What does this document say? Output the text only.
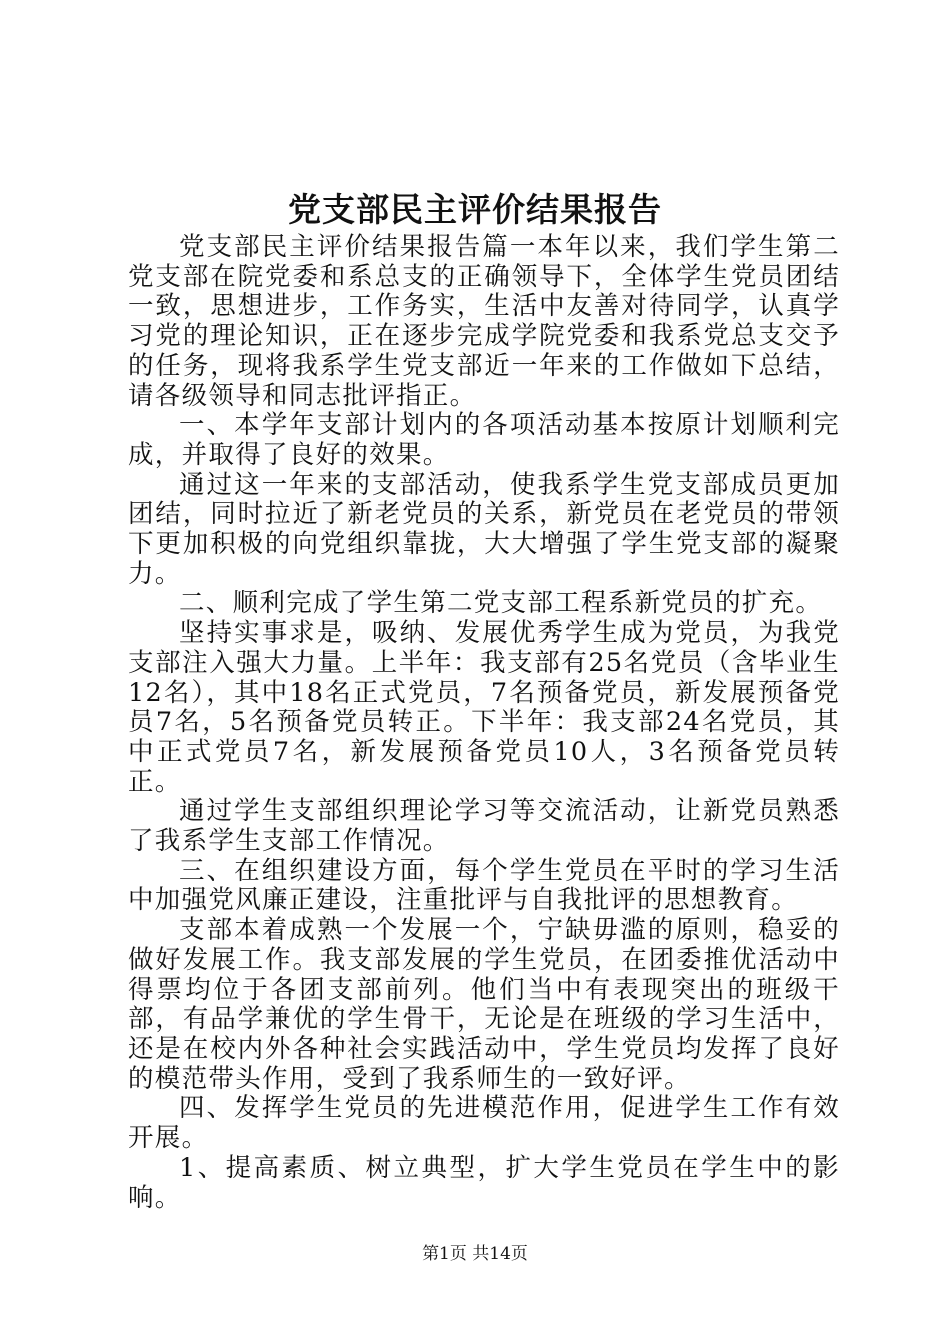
党支部民主评价结果报告

党支部民主评价结果报告篇一本年以来，我们学生第二党支部在院党委和系总支的正确领导下，全体学生党员团结一致，思想进步，工作务实，生活中友善对待同学，认真学习党的理论知识，正在逐步完成学院党委和我系党总支交予的任务，现将我系学生党支部近一年来的工作做如下总结，请各级领导和同志批评指正。

一、本学年支部计划内的各项活动基本按原计划顺利完成，并取得了良好的效果。

通过这一年来的支部活动，使我系学生党支部成员更加团结，同时拉近了新老党员的关系，新党员在老党员的带领下更加积极的向党组织靠拢，大大增强了学生党支部的凝聚力。

二、顺利完成了学生第二党支部工程系新党员的扩充。

坚持实事求是，吸纳、发展优秀学生成为党员，为我党支部注入强大力量。上半年：我支部有25名党员（含毕业生12名），其中18名正式党员，7名预备党员，新发展预备党员7名，5名预备党员转正。下半年：我支部24名党员，其中正式党员7名，新发展预备党员10人，3名预备党员转正。

通过学生支部组织理论学习等交流活动，让新党员熟悉了我系学生支部工作情况。

三、在组织建设方面，每个学生党员在平时的学习生活中加强党风廉正建设，注重批评与自我批评的思想教育。

支部本着成熟一个发展一个，宁缺毋滥的原则，稳妥的做好发展工作。我支部发展的学生党员，在团委推优活动中得票均位于各团支部前列。他们当中有表现突出的班级干部，有品学兼优的学生骨干，无论是在班级的学习生活中，还是在校内外各种社会实践活动中，学生党员均发挥了良好的模范带头作用，受到了我系师生的一致好评。

四、发挥学生党员的先进模范作用，促进学生工作有效开展。

1、提高素质、树立典型，扩大学生党员在学生中的影响。

第1页 共14页
